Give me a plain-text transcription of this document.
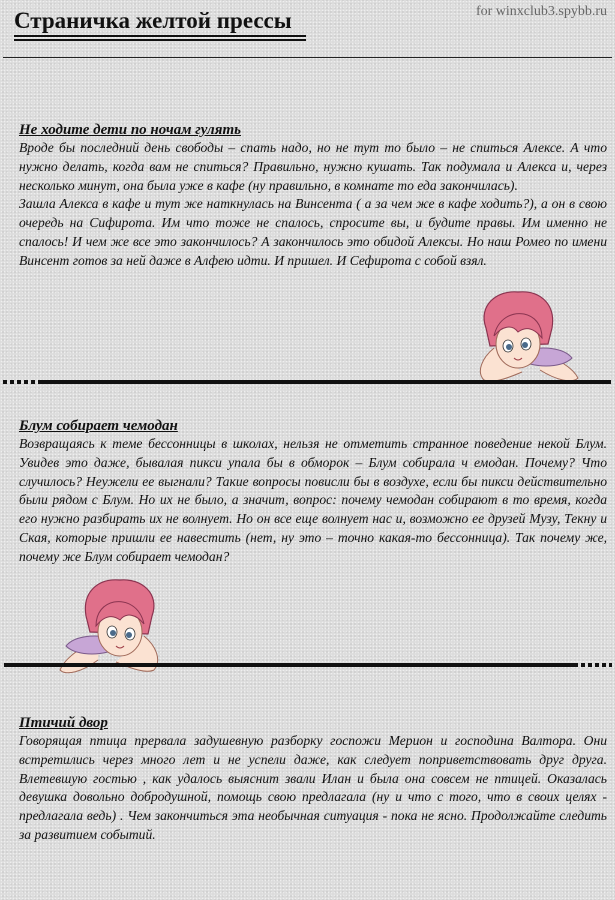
Страничка желтой прессы	for winxclub3.spybb.ru
Не ходите дети по ночам гулять

Вроде бы последний день свободы – спать надо, но не тут то было – не спиться Алексе. А что нужно делать, когда вам не спиться? Правильно, нужно кушать. Так подумала и Алекса и, через несколько минут, она была уже в кафе (ну правильно, в комнате то еда закончилась).

Зашла Алекса в кафе и тут же наткнулась на Винсента ( а за чем же в кафе ходить?), а он в свою очередь на Сифирота. Им что тоже не спалось, спросите вы, и будите правы. Им именно не спалось! И чем же все это закончилось? А закончилось это обидой Алексы. Но наш Ромео по имени Винсент готов за ней даже в Алфею идти. И пришел. И Сефирота с собой взял.

Блум собирает чемодан

Возвращаясь к теме бессонницы в школах, нельзя не отметить странное поведение некой Блум. Увидев это даже, бывалая пикси упала бы в обморок – Блум собирала ч емодан. Почему? Что случилось? Неужели ее выгнали? Такие вопросы повисли бы в воздухе, если бы пикси действительно были рядом с Блум. Но их не было, а значит, вопрос: почему чемодан собирают в то время, когда его нужно разбирать их не волнует. Но он все еще волнует нас и, возможно ее друзей Музу, Текну и Ская, которые пришли ее навестить (нет, ну это – точно какая-то бессонница). Так почему же, почему же Блум собирает чемодан?

Птичий двор

Говорящая птица прервала задушевную разборку госпожи Мерион и господина Валтора. Они встретились через много лет и не успели даже, как следует поприветствовать друг друга. Влетевшую гостью , как удалось выяснит звали Илан и была она совсем не птицей. Оказалась девушка довольно добродушной, помощь свою предлагала (ну и что с того, что в своих целях - предлагала ведь) . Чем закончиться эта необычная ситуация - пока не ясно. Продолжайте следить за развитием событий.
